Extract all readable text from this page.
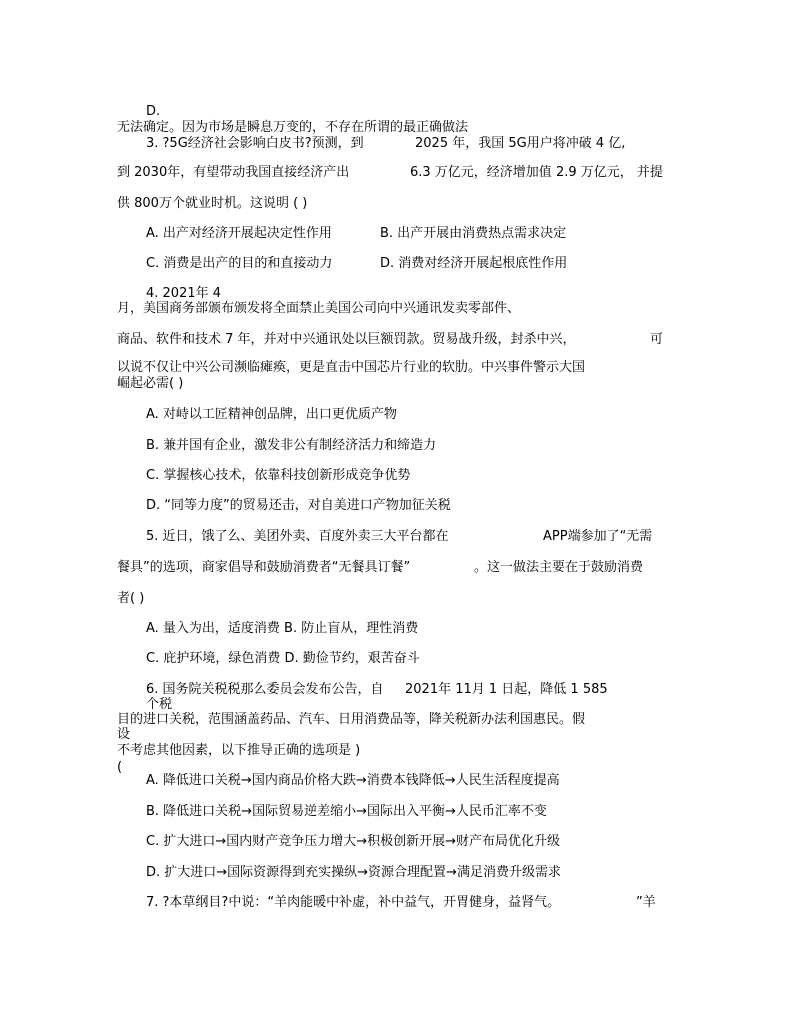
D.
无法确定。因为市场是瞬息万变的，不存在所谓的最正确做法
3. ?5G经济社会影响白皮书?预测，到	2025 年，我国 5G用户将冲破 4 亿,
到 2030年，有望带动我国直接经济产出	6.3 万亿元，经济增加值 2.9 万亿元， 并提
供 800万个就业时机。这说明 ( )
A. 出产对经济开展起决定性作用	B. 出产开展由消费热点需求决定
C. 消费是出产的目的和直接动力	D. 消费对经济开展起根底性作用
4. 2021年 4
月，美国商务部颁布颁发将全面禁止美国公司向中兴通讯发卖零部件、
商品、软件和技术 7 年，并对中兴通讯处以巨额罚款。贸易战升级，封杀中兴，	可
以说不仅让中兴公司濒临瘫痪，更是直击中国芯片行业的软肋。中兴事件警示大国
崛起必需( )
A. 对峙以工匠精神创品牌，出口更优质产物
B. 兼并国有企业，激发非公有制经济活力和缔造力
C. 掌握核心技术，依靠科技创新形成竞争优势
D. “同等力度”的贸易还击，对自美进口产物加征关税
5. 近日，饿了么、美团外卖、百度外卖三大平台都在	APP端参加了“无需
餐具”的选项，商家倡导和鼓励消费者“无餐具订餐”	。这一做法主要在于鼓励消费
者( )
A. 量入为出，适度消费 B. 防止盲从，理性消费
C. 庇护环境，绿色消费 D. 勤俭节约，艰苦奋斗
6. 国务院关税税那么委员会发布公告，自 2021年 11月 1 日起，降低 1 585
个税
目的进口关税，范围涵盖药品、汽车、日用消费品等，降关税新办法利国惠民。假
设
不考虑其他因素，以下推导正确的选项是 )
(
A. 降低进口关税→国内商品价格大跌→消费本钱降低→人民生活程度提高
B. 降低进口关税→国际贸易逆差缩小→国际出入平衡→人民币汇率不变
C. 扩大进口→国内财产竞争压力增大→积极创新开展→财产布局优化升级
D. 扩大进口→国际资源得到充实操纵→资源合理配置→满足消费升级需求
7. ?本草纲目?中说：“羊肉能暖中补虚，补中益气，开胃健身，益肾气。	”羊
